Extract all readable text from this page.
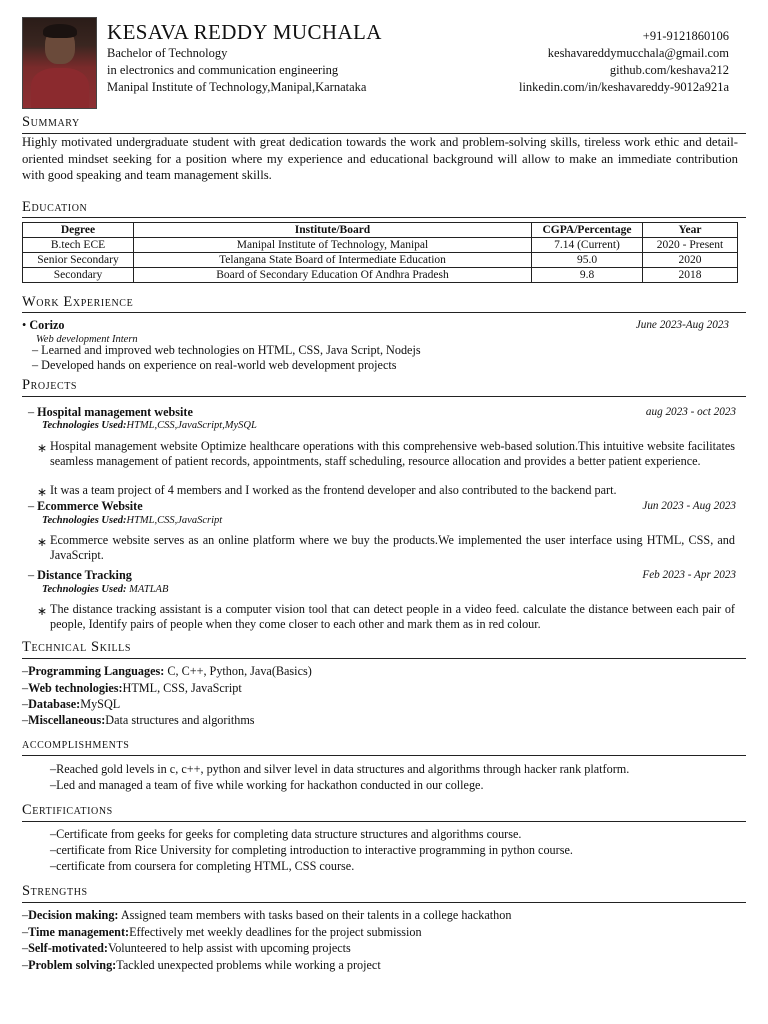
KESAVA REDDY MUCHALA
Bachelor of Technology
in electronics and communication engineering
Manipal Institute of Technology,Manipal,Karnataka
+91-9121860106
keshavareddymucchala@gmail.com
github.com/keshava212
linkedin.com/in/keshavareddy-9012a921a
Summary
Highly motivated undergraduate student with great dedication towards the work and problem-solving skills, tireless work ethic and detail-oriented mindset seeking for a position where my experience and educational background will allow to make an immediate contribution with good speaking and team management skills.
Education
Degree	Institute/Board	CGPA/Percentage	Year
B.tech ECE	Manipal Institute of Technology, Manipal	7.14 (Current)	2020 - Present
Senior Secondary	Telangana State Board of Intermediate Education	95.0	2020
Secondary	Board of Secondary Education Of Andhra Pradesh	9.8	2018
Work Experience
• Corizo	June 2023-Aug 2023
Web development Intern
– Learned and improved web technologies on HTML, CSS, Java Script, Nodejs
– Developed hands on experience on real-world web development projects
Projects
– Hospital management website	aug 2023 - oct 2023
Technologies Used:HTML,CSS,JavaScript,MySQL
∗ Hospital management website Optimize healthcare operations with this comprehensive web-based solution.This intuitive website facilitates seamless management of patient records, appointments, staff scheduling, resource allocation and provides a better patient experience.
∗ It was a team project of 4 members and I worked as the frontend developer and also contributed to the backend part.
– Ecommerce Website	Jun 2023 - Aug 2023
Technologies Used:HTML,CSS,JavaScript
∗ Ecommerce website serves as an online platform where we buy the products.We implemented the user interface using HTML, CSS, and JavaScript.
– Distance Tracking	Feb 2023 - Apr 2023
Technologies Used: MATLAB
∗ The distance tracking assistant is a computer vision tool that can detect people in a video feed. calculate the distance between each pair of people, Identify pairs of people when they come closer to each other and mark them as in red colour.
Technical Skills
–Programming Languages: C, C++, Python, Java(Basics)
–Web technologies:HTML, CSS, JavaScript
–Database:MySQL
–Miscellaneous:Data structures and algorithms
accomplishments
–Reached gold levels in c, c++, python and silver level in data structures and algorithms through hacker rank platform.
–Led and managed a team of five while working for hackathon conducted in our college.
Certifications
–Certificate from geeks for geeks for completing data structure structures and algorithms course.
–certificate from Rice University for completing introduction to interactive programming in python course.
–certificate from coursera for completing HTML, CSS course.
Strengths
–Decision making: Assigned team members with tasks based on their talents in a college hackathon
–Time management:Effectively met weekly deadlines for the project submission
–Self-motivated:Volunteered to help assist with upcoming projects
–Problem solving:Tackled unexpected problems while working a project
